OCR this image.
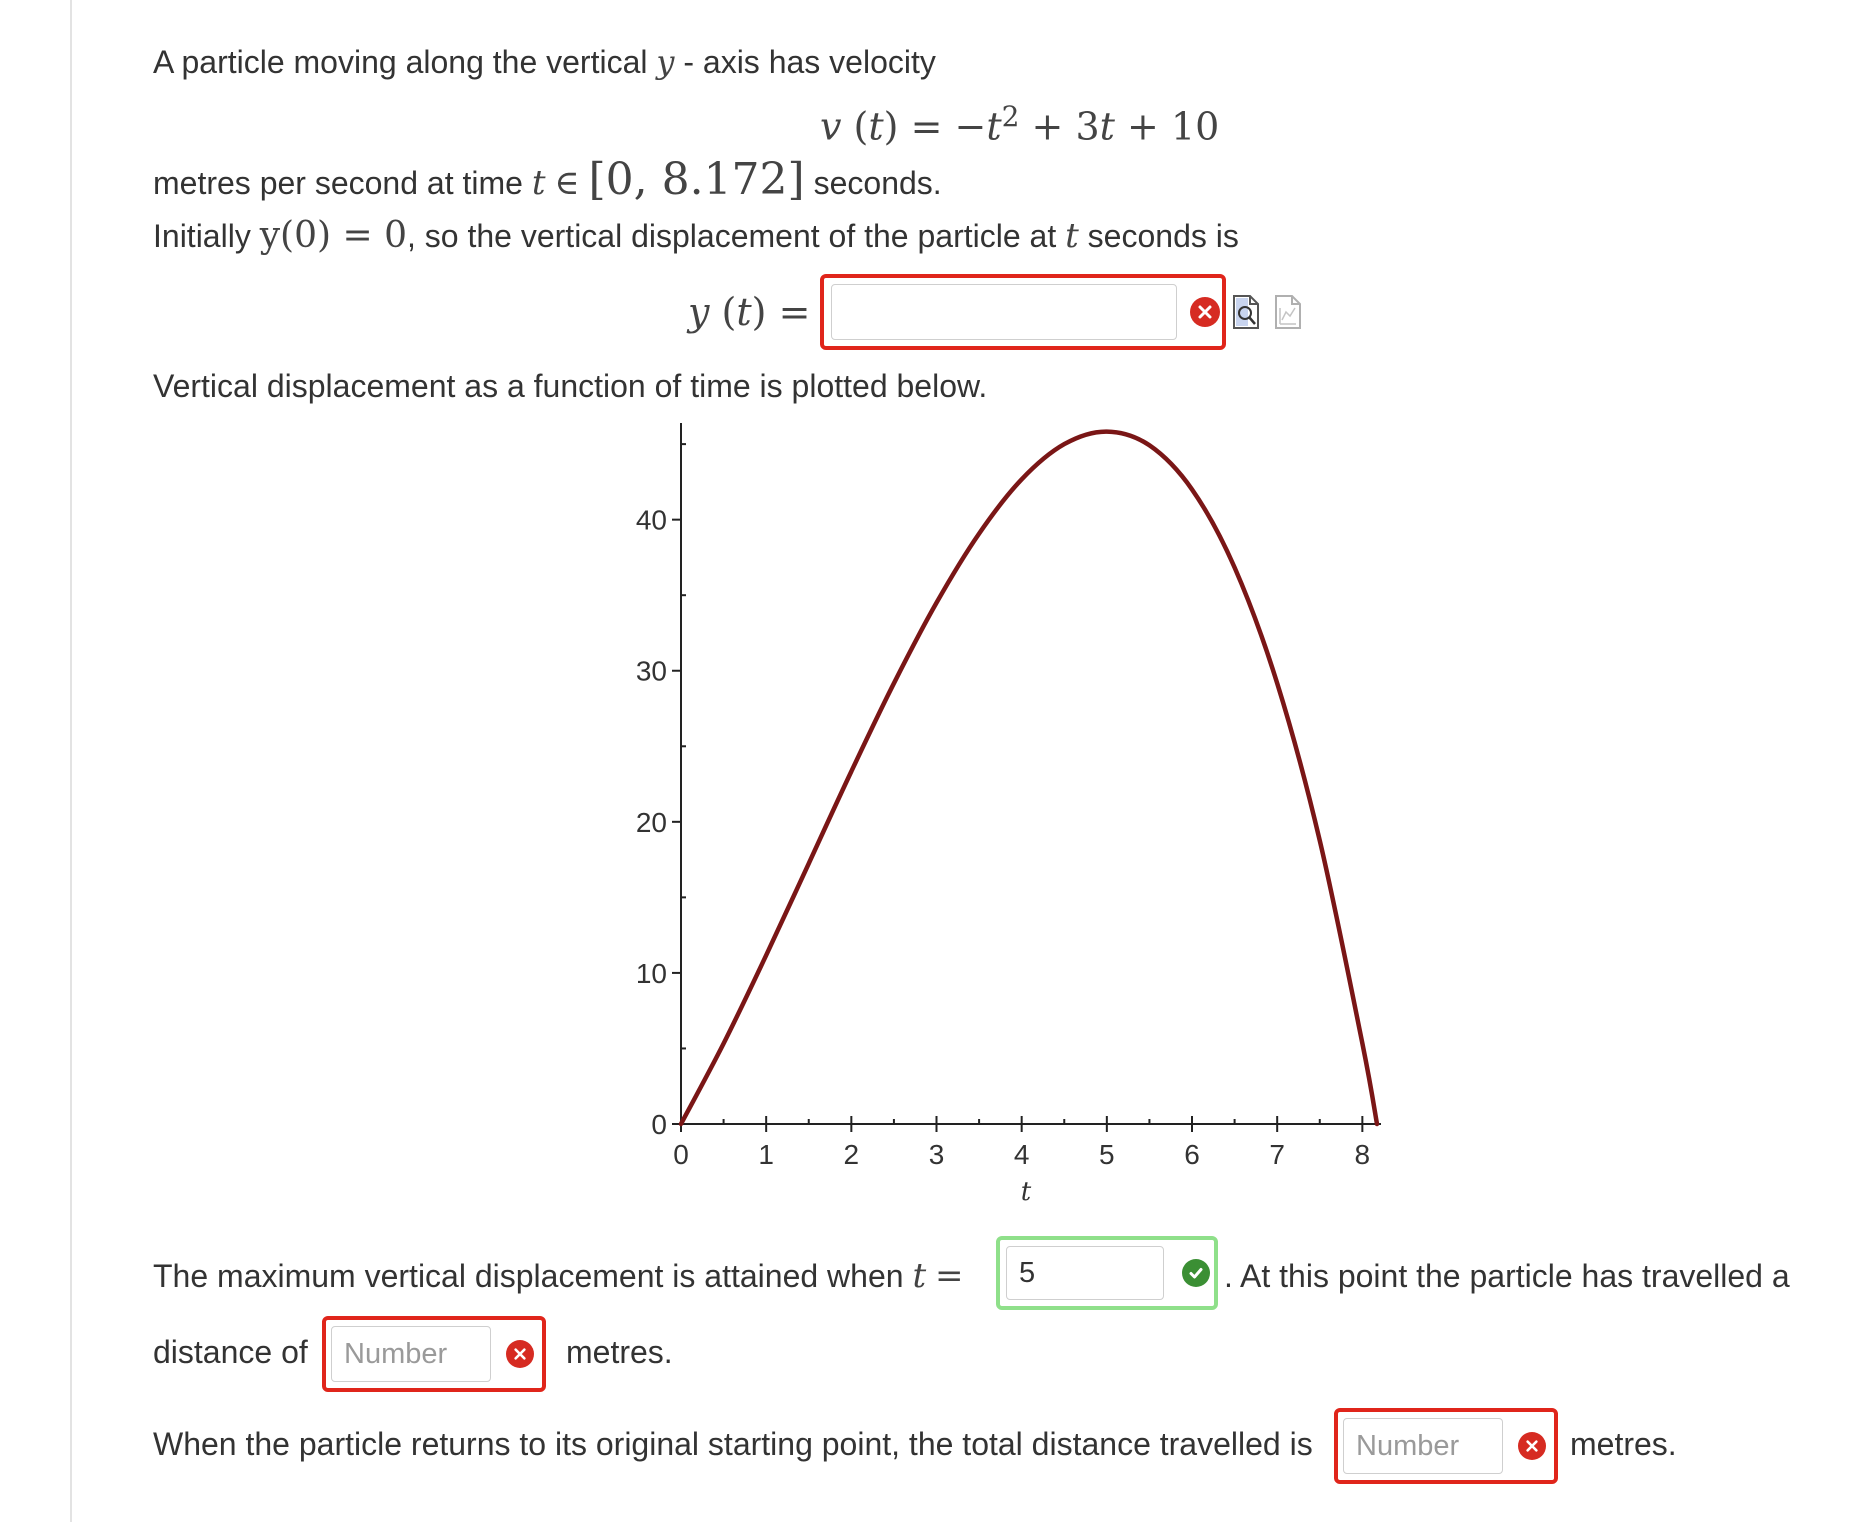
A particle moving along the vertical y - axis has velocity
v $(t) = -t^2 + 3t + 10$
metres per second at time t ∈ [0, 8.172] seconds.
Initially y(0) = 0, so the vertical displacement of the particle at t seconds is
y (t) =
Vertical displacement as a function of time is plotted below.
0
10
20
30
40
0 1 2 3 4 5 6 7 8
t
The maximum vertical displacement is attained when t =
5	. At this point the particle has travelled a
distance of
Number	metres.
When the particle returns to its original starting point, the total distance travelled is
Number	metres.
